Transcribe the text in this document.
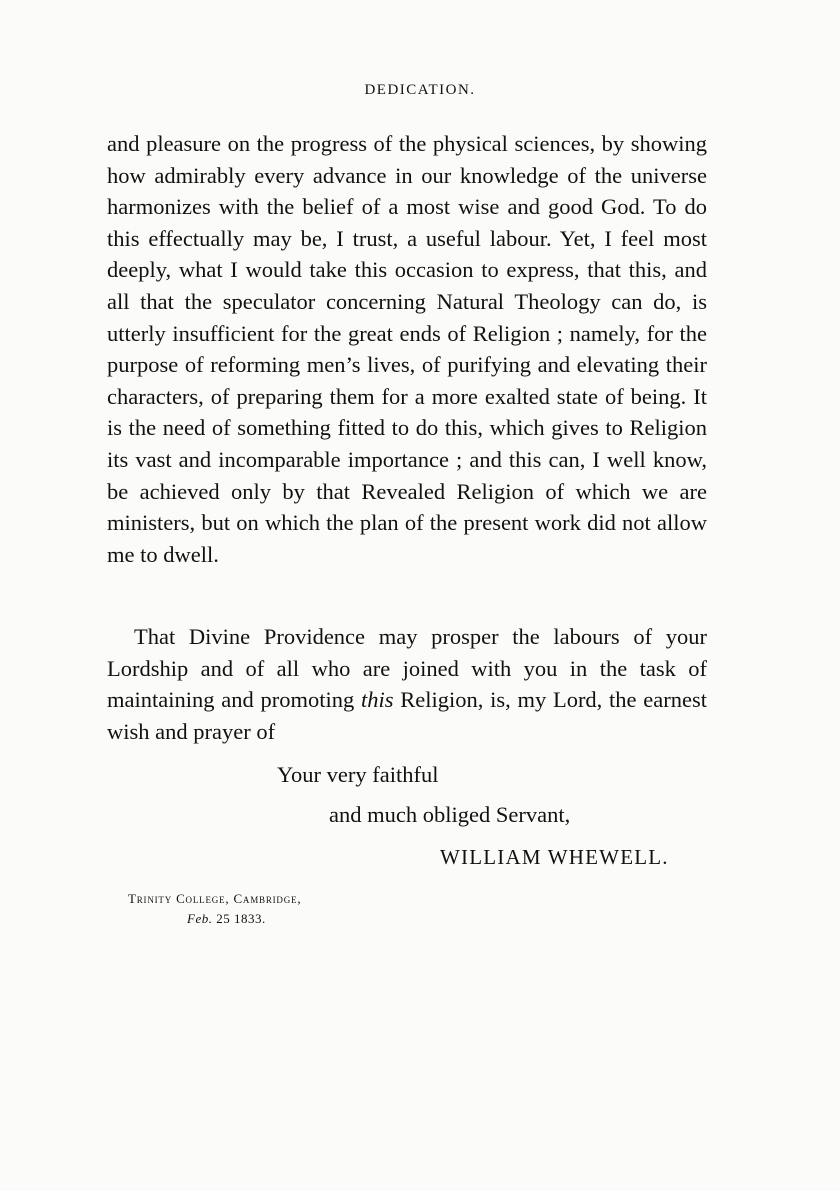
DEDICATION.
and pleasure on the progress of the physical sciences, by showing how admirably every advance in our knowledge of the universe harmonizes with the belief of a most wise and good God. To do this effectually may be, I trust, a useful labour. Yet, I feel most deeply, what I would take this occasion to express, that this, and all that the speculator concerning Natural Theology can do, is utterly insufficient for the great ends of Religion ; namely, for the purpose of reforming men’s lives, of purifying and elevating their characters, of preparing them for a more exalted state of being. It is the need of something fitted to do this, which gives to Religion its vast and incomparable importance ; and this can, I well know, be achieved only by that Revealed Religion of which we are ministers, but on which the plan of the present work did not allow me to dwell.
That Divine Providence may prosper the labours of your Lordship and of all who are joined with you in the task of maintaining and promoting this Religion, is, my Lord, the earnest wish and prayer of
Your very faithful
and much obliged Servant,
WILLIAM WHEWELL.
Trinity College, Cambridge,
Feb. 25 1833.
